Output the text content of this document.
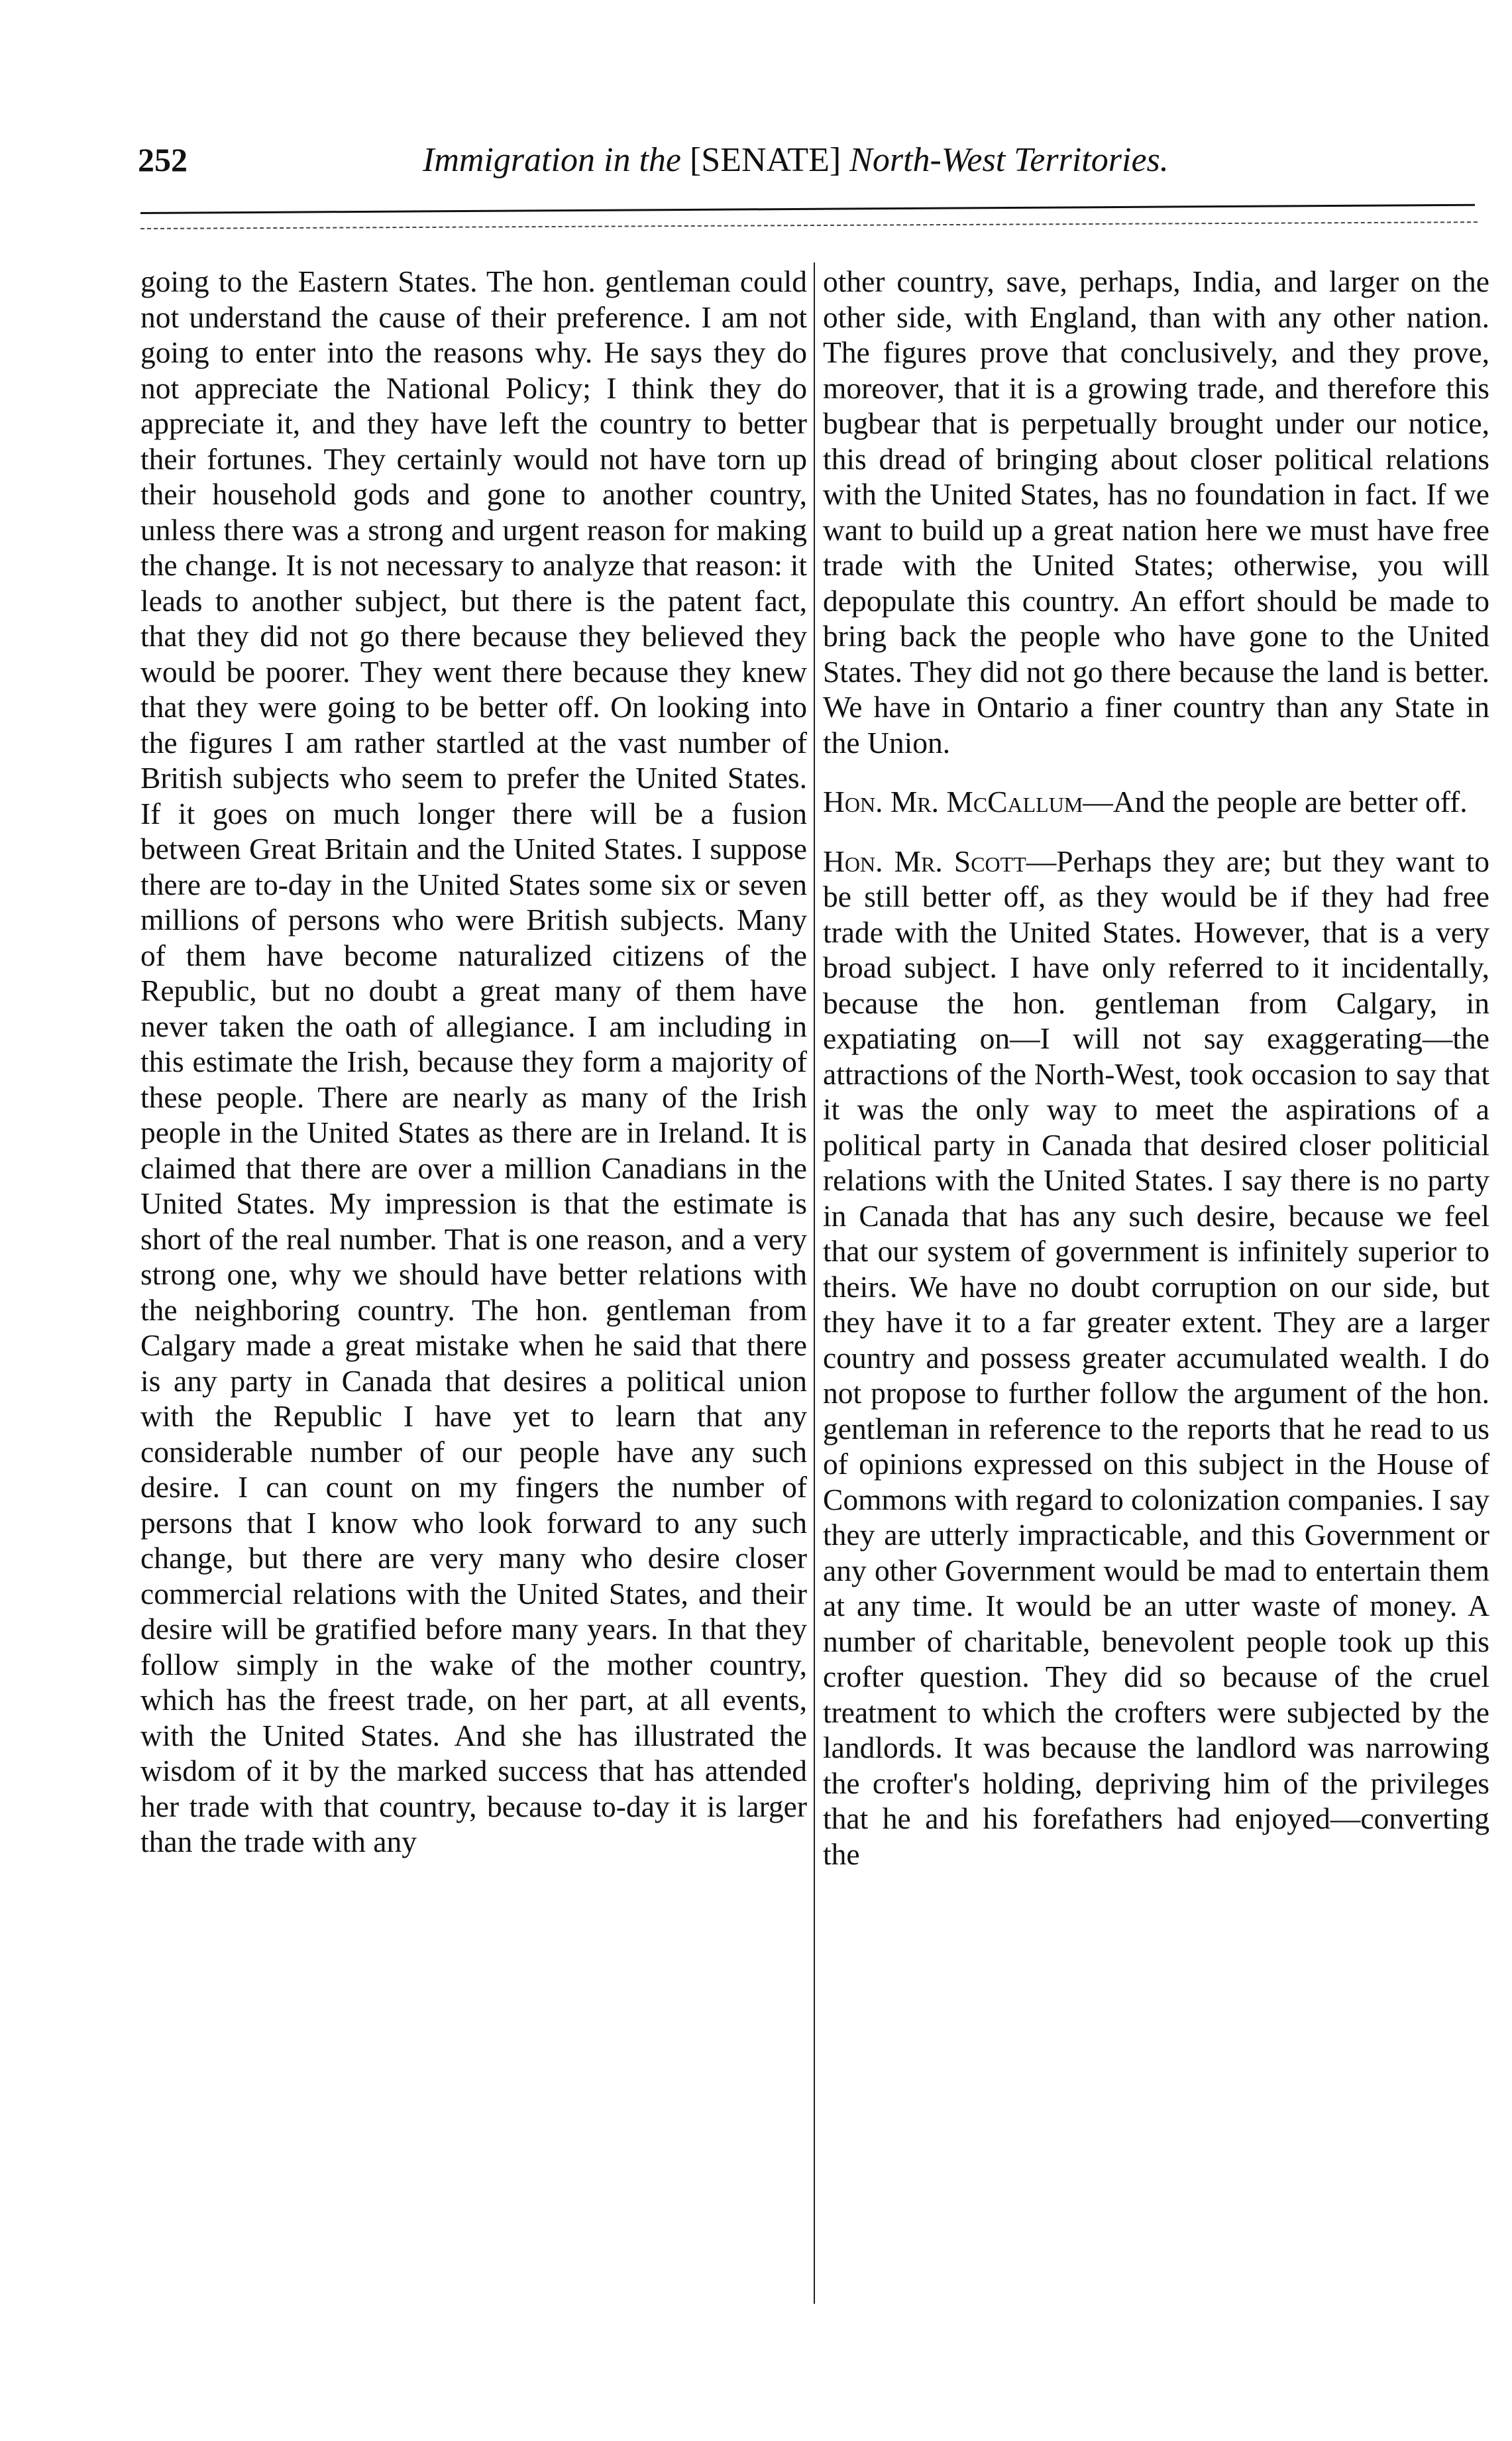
252	Immigration in the [SENATE] North-West Territories.

going to the Eastern States. The hon. gentleman could not understand the cause of their preference. I am not going to enter into the reasons why. He says they do not appreciate the National Policy; I think they do appreciate it, and they have left the country to better their fortunes. They certainly would not have torn up their household gods and gone to another country, unless there was a strong and urgent reason for making the change. It is not necessary to analyze that reason: it leads to another subject, but there is the patent fact, that they did not go there because they believed they would be poorer. They went there because they knew that they were going to be better off. On looking into the figures I am rather startled at the vast number of British subjects who seem to prefer the United States. If it goes on much longer there will be a fusion between Great Britain and the United States. I suppose there are to-day in the United States some six or seven millions of persons who were British subjects. Many of them have become naturalized citizens of the Republic, but no doubt a great many of them have never taken the oath of allegiance. I am including in this estimate the Irish, because they form a majority of these people. There are nearly as many of the Irish people in the United States as there are in Ireland. It is claimed that there are over a million Canadians in the United States. My impression is that the estimate is short of the real number. That is one reason, and a very strong one, why we should have better relations with the neighboring country. The hon. gentleman from Calgary made a great mistake when he said that there is any party in Canada that desires a political union with the Republic I have yet to learn that any considerable number of our people have any such desire. I can count on my fingers the number of persons that I know who look forward to any such change, but there are very many who desire closer commercial relations with the United States, and their desire will be gratified before many years. In that they follow simply in the wake of the mother country, which has the freest trade, on her part, at all events, with the United States. And she has illustrated the wisdom of it by the marked success that has attended her trade with that country, because to-day it is larger than the trade with any

other country, save, perhaps, India, and larger on the other side, with England, than with any other nation. The figures prove that conclusively, and they prove, moreover, that it is a growing trade, and therefore this bugbear that is perpetually brought under our notice, this dread of bringing about closer political relations with the United States, has no foundation in fact. If we want to build up a great nation here we must have free trade with the United States; otherwise, you will depopulate this country. An effort should be made to bring back the people who have gone to the United States. They did not go there because the land is better. We have in Ontario a finer country than any State in the Union.

Hon. Mr. McCallum—And the people are better off.

Hon. Mr. Scott—Perhaps they are; but they want to be still better off, as they would be if they had free trade with the United States. However, that is a very broad subject. I have only referred to it incidentally, because the hon. gentleman from Calgary, in expatiating on—I will not say exaggerating—the attractions of the North-West, took occasion to say that it was the only way to meet the aspirations of a political party in Canada that desired closer politicial relations with the United States. I say there is no party in Canada that has any such desire, because we feel that our system of government is infinitely superior to theirs. We have no doubt corruption on our side, but they have it to a far greater extent. They are a larger country and possess greater accumulated wealth. I do not propose to further follow the argument of the hon. gentleman in reference to the reports that he read to us of opinions expressed on this subject in the House of Commons with regard to colonization companies. I say they are utterly impracticable, and this Government or any other Government would be mad to entertain them at any time. It would be an utter waste of money. A number of charitable, benevolent people took up this crofter question. They did so because of the cruel treatment to which the crofters were subjected by the landlords. It was because the landlord was narrowing the crofter's holding, depriving him of the privileges that he and his forefathers had enjoyed—converting the
